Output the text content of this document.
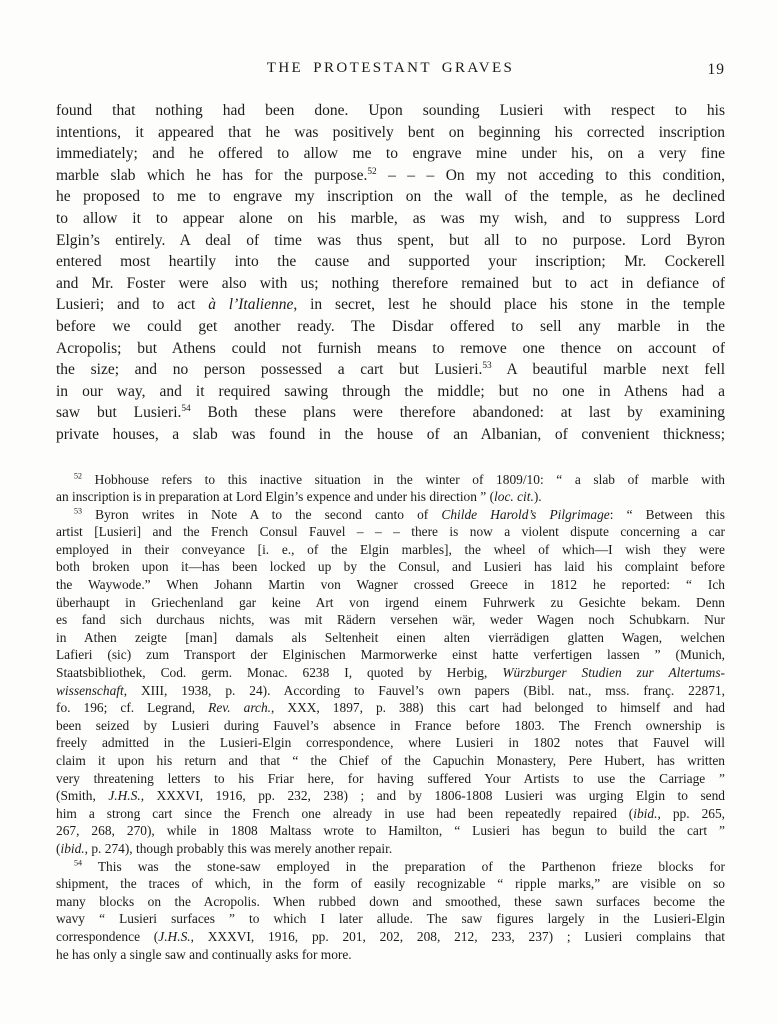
THE PROTESTANT GRAVES	19
found that nothing had been done. Upon sounding Lusieri with respect to his
intentions, it appeared that he was positively bent on beginning his corrected inscription
immediately; and he offered to allow me to engrave mine under his, on a very fine
marble slab which he has for the purpose.$^{52}$ – – – On my not acceding to this condition,
he proposed to me to engrave my inscription on the wall of the temple, as he declined
to allow it to appear alone on his marble, as was my wish, and to suppress Lord
Elgin’s entirely. A deal of time was thus spent, but all to no purpose. Lord Byron
entered most heartily into the cause and supported your inscription; Mr. Cockerell
and Mr. Foster were also with us; nothing therefore remained but to act in defiance of
Lusieri; and to act à l’Italienne, in secret, lest he should place his stone in the temple
before we could get another ready. The Disdar offered to sell any marble in the
Acropolis; but Athens could not furnish means to remove one thence on account of
the size; and no person possessed a cart but Lusieri.$^{53}$ A beautiful marble next fell
in our way, and it required sawing through the middle; but no one in Athens had a
saw but Lusieri.$^{54}$ Both these plans were therefore abandoned: at last by examining
private houses, a slab was found in the house of an Albanian, of convenient thickness;
$^{52}$ Hobhouse refers to this inactive situation in the winter of 1809/10: “ a slab of marble with
an inscription is in preparation at Lord Elgin’s expence and under his direction ” (loc. cit.).
$^{53}$ Byron writes in Note A to the second canto of Childe Harold’s Pilgrimage: “ Between this
artist [Lusieri] and the French Consul Fauvel – – – there is now a violent dispute concerning a car
employed in their conveyance [i. e., of the Elgin marbles], the wheel of which—I wish they were
both broken upon it—has been locked up by the Consul, and Lusieri has laid his complaint before
the Waywode.” When Johann Martin von Wagner crossed Greece in 1812 he reported: “ Ich
überhaupt in Griechenland gar keine Art von irgend einem Fuhrwerk zu Gesichte bekam. Denn
es fand sich durchaus nichts, was mit Rädern versehen wär, weder Wagen noch Schubkarn. Nur
in Athen zeigte [man] damals als Seltenheit einen alten vierrädigen glatten Wagen, welchen
Lafieri (sic) zum Transport der Elginischen Marmorwerke einst hatte verfertigen lassen ” (Munich,
Staatsbibliothek, Cod. germ. Monac. 6238 I, quoted by Herbig, Würzburger Studien zur Altertums-
wissenschaft, XIII, 1938, p. 24). According to Fauvel’s own papers (Bibl. nat., mss. franç. 22871,
fo. 196; cf. Legrand, Rev. arch., XXX, 1897, p. 388) this cart had belonged to himself and had
been seized by Lusieri during Fauvel’s absence in France before 1803. The French ownership is
freely admitted in the Lusieri-Elgin correspondence, where Lusieri in 1802 notes that Fauvel will
claim it upon his return and that “ the Chief of the Capuchin Monastery, Pere Hubert, has written
very threatening letters to his Friar here, for having suffered Your Artists to use the Carriage ”
(Smith, J.H.S., XXXVI, 1916, pp. 232, 238) ; and by 1806-1808 Lusieri was urging Elgin to send
him a strong cart since the French one already in use had been repeatedly repaired (ibid., pp. 265,
267, 268, 270), while in 1808 Maltass wrote to Hamilton, “ Lusieri has begun to build the cart ”
(ibid., p. 274), though probably this was merely another repair.
$^{54}$ This was the stone-saw employed in the preparation of the Parthenon frieze blocks for
shipment, the traces of which, in the form of easily recognizable “ ripple marks,” are visible on so
many blocks on the Acropolis. When rubbed down and smoothed, these sawn surfaces become the
wavy “ Lusieri surfaces ” to which I later allude. The saw figures largely in the Lusieri-Elgin
correspondence (J.H.S., XXXVI, 1916, pp. 201, 202, 208, 212, 233, 237) ; Lusieri complains that
he has only a single saw and continually asks for more.
